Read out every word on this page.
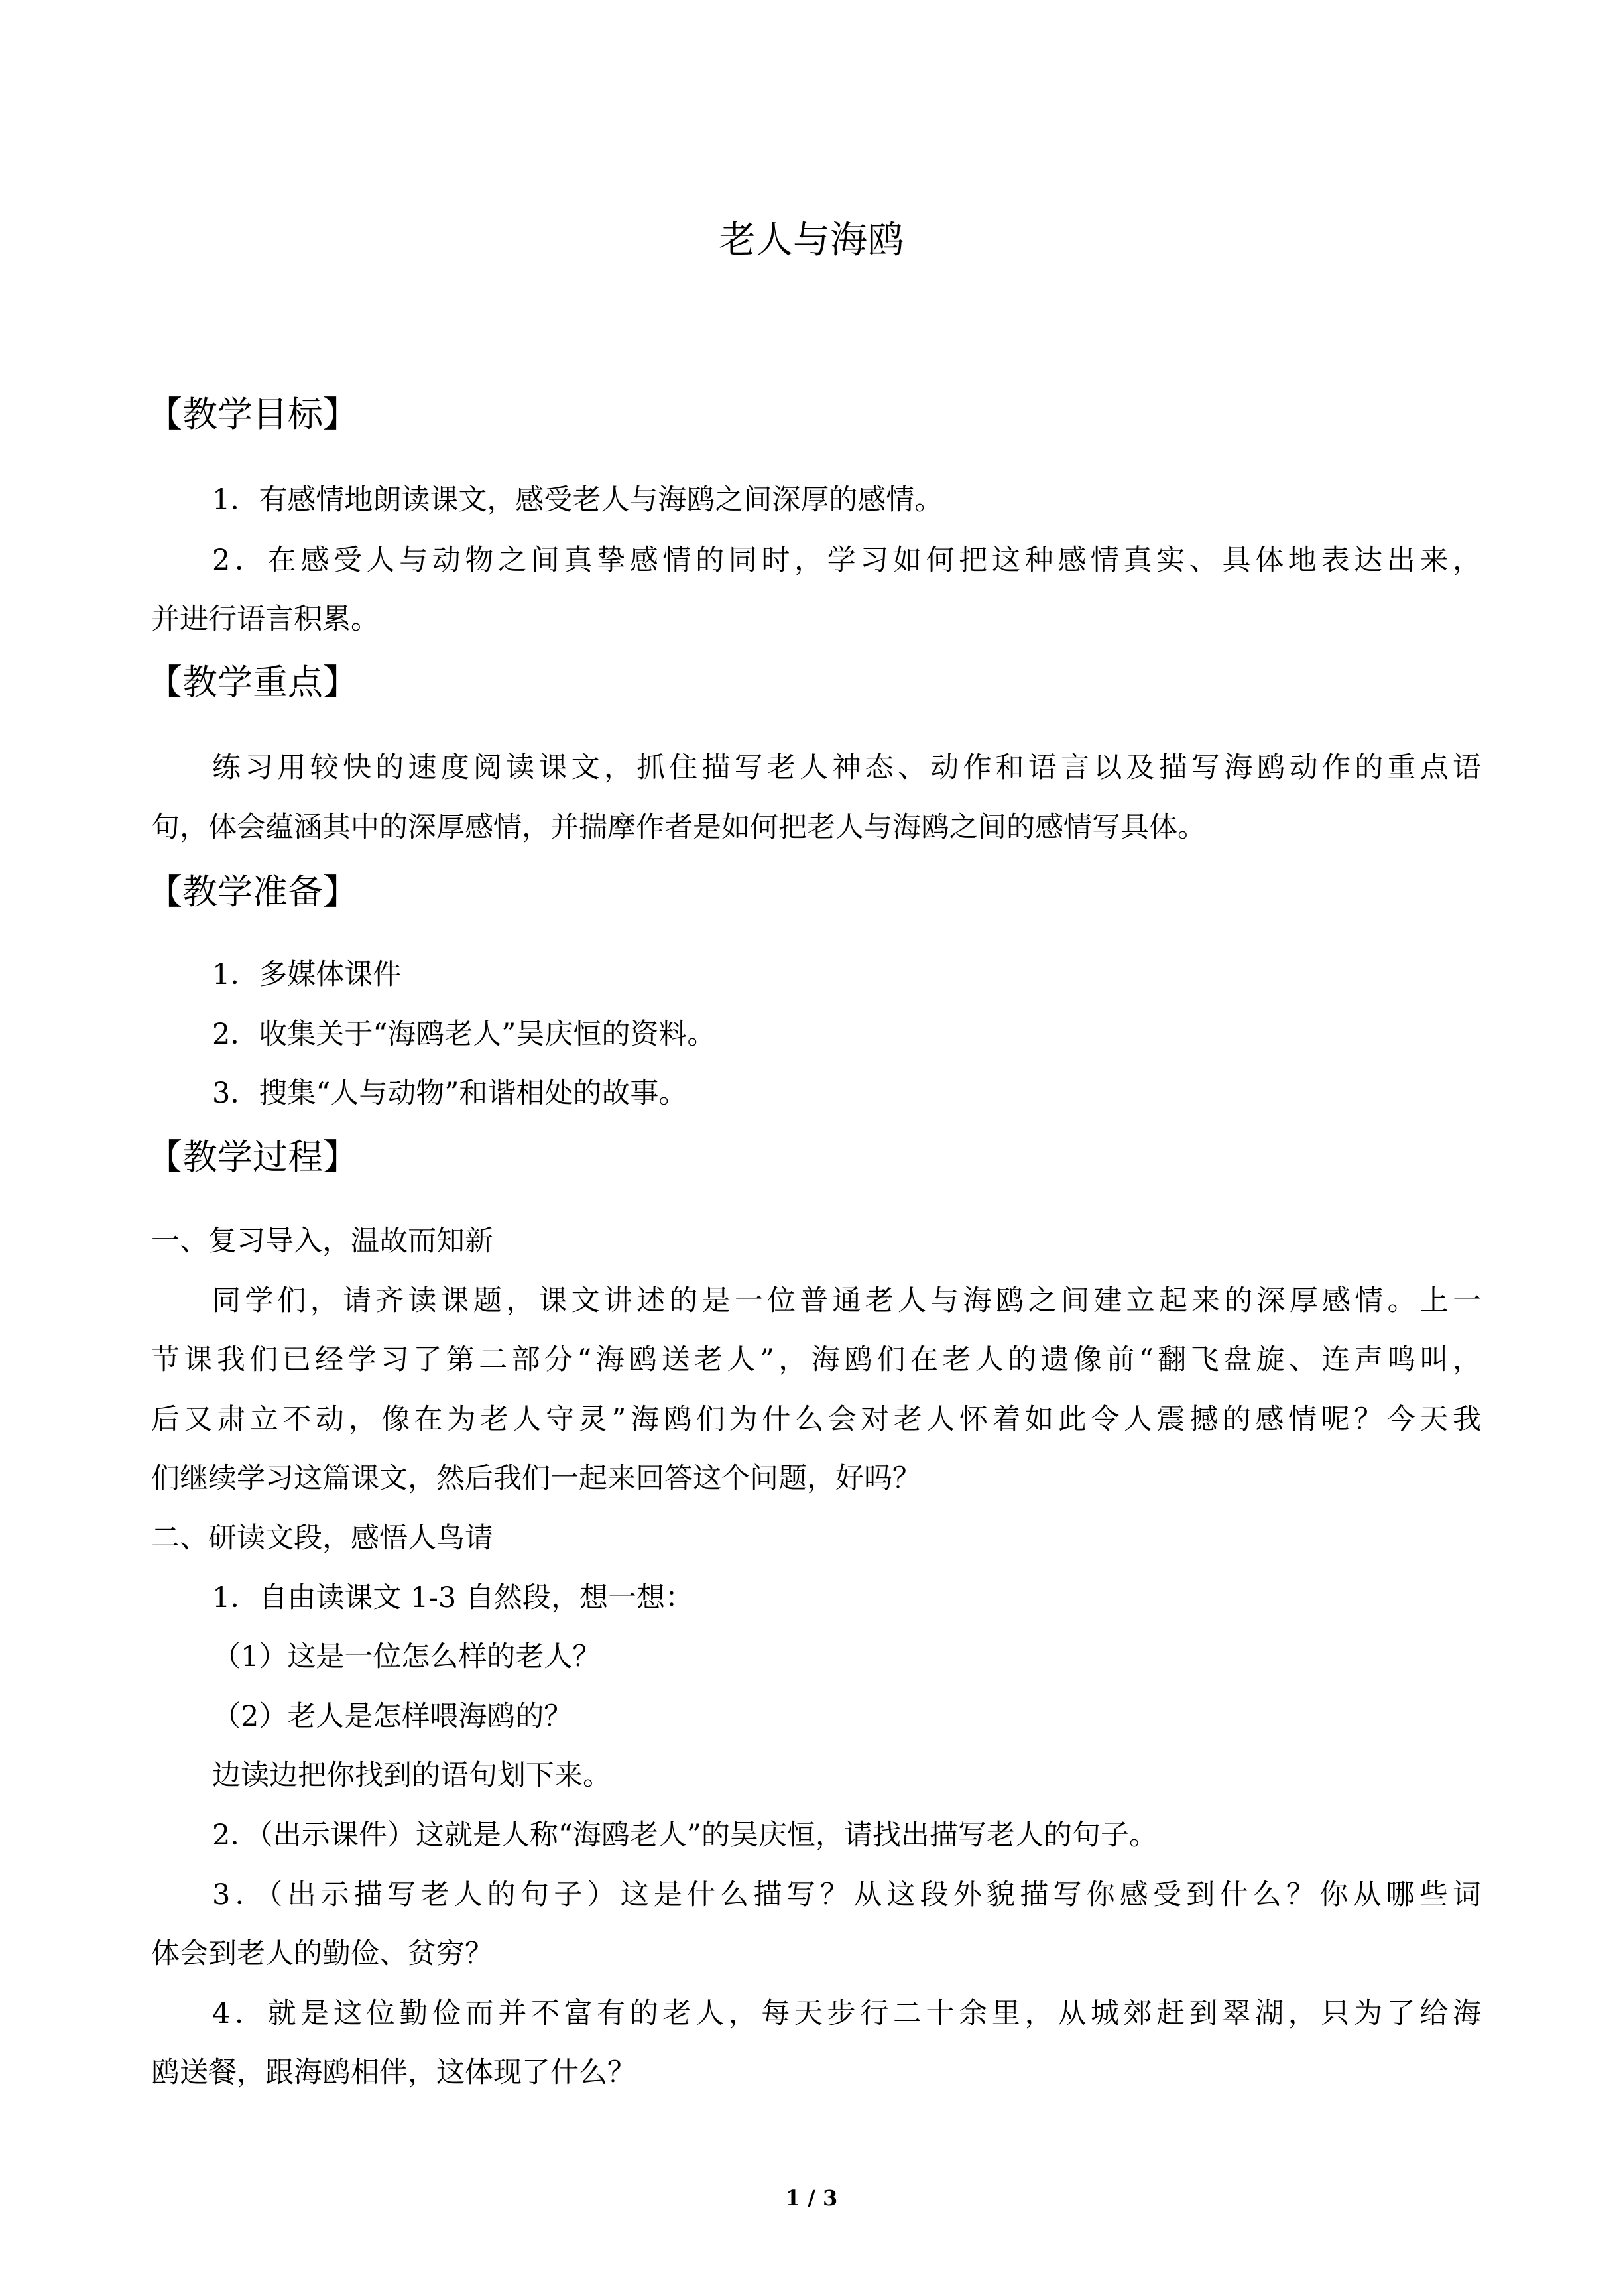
老人与海鸥
【教学目标】
1．有感情地朗读课文，感受老人与海鸥之间深厚的感情。
2．在感受人与动物之间真挚感情的同时，学习如何把这种感情真实、具体地表达出来，
并进行语言积累。
【教学重点】
练习用较快的速度阅读课文，抓住描写老人神态、动作和语言以及描写海鸥动作的重点语
句，体会蕴涵其中的深厚感情，并揣摩作者是如何把老人与海鸥之间的感情写具体。
【教学准备】
1．多媒体课件
2．收集关于“海鸥老人”吴庆恒的资料。
3．搜集“人与动物”和谐相处的故事。
【教学过程】
一、复习导入，温故而知新
同学们，请齐读课题，课文讲述的是一位普通老人与海鸥之间建立起来的深厚感情。上一
节课我们已经学习了第二部分“海鸥送老人”，海鸥们在老人的遗像前“翻飞盘旋、连声鸣叫，
后又肃立不动，像在为老人守灵”海鸥们为什么会对老人怀着如此令人震撼的感情呢？今天我
们继续学习这篇课文，然后我们一起来回答这个问题，好吗？
二、研读文段，感悟人鸟请
1．自由读课文 1-3 自然段，想一想：
（1）这是一位怎么样的老人？
（2）老人是怎样喂海鸥的？
边读边把你找到的语句划下来。
2．（出示课件）这就是人称“海鸥老人”的吴庆恒，请找出描写老人的句子。
3．（出示描写老人的句子）这是什么描写？从这段外貌描写你感受到什么？你从哪些词
体会到老人的勤俭、贫穷？
4．就是这位勤俭而并不富有的老人，每天步行二十余里，从城郊赶到翠湖，只为了给海
鸥送餐，跟海鸥相伴，这体现了什么？
1 / 3
